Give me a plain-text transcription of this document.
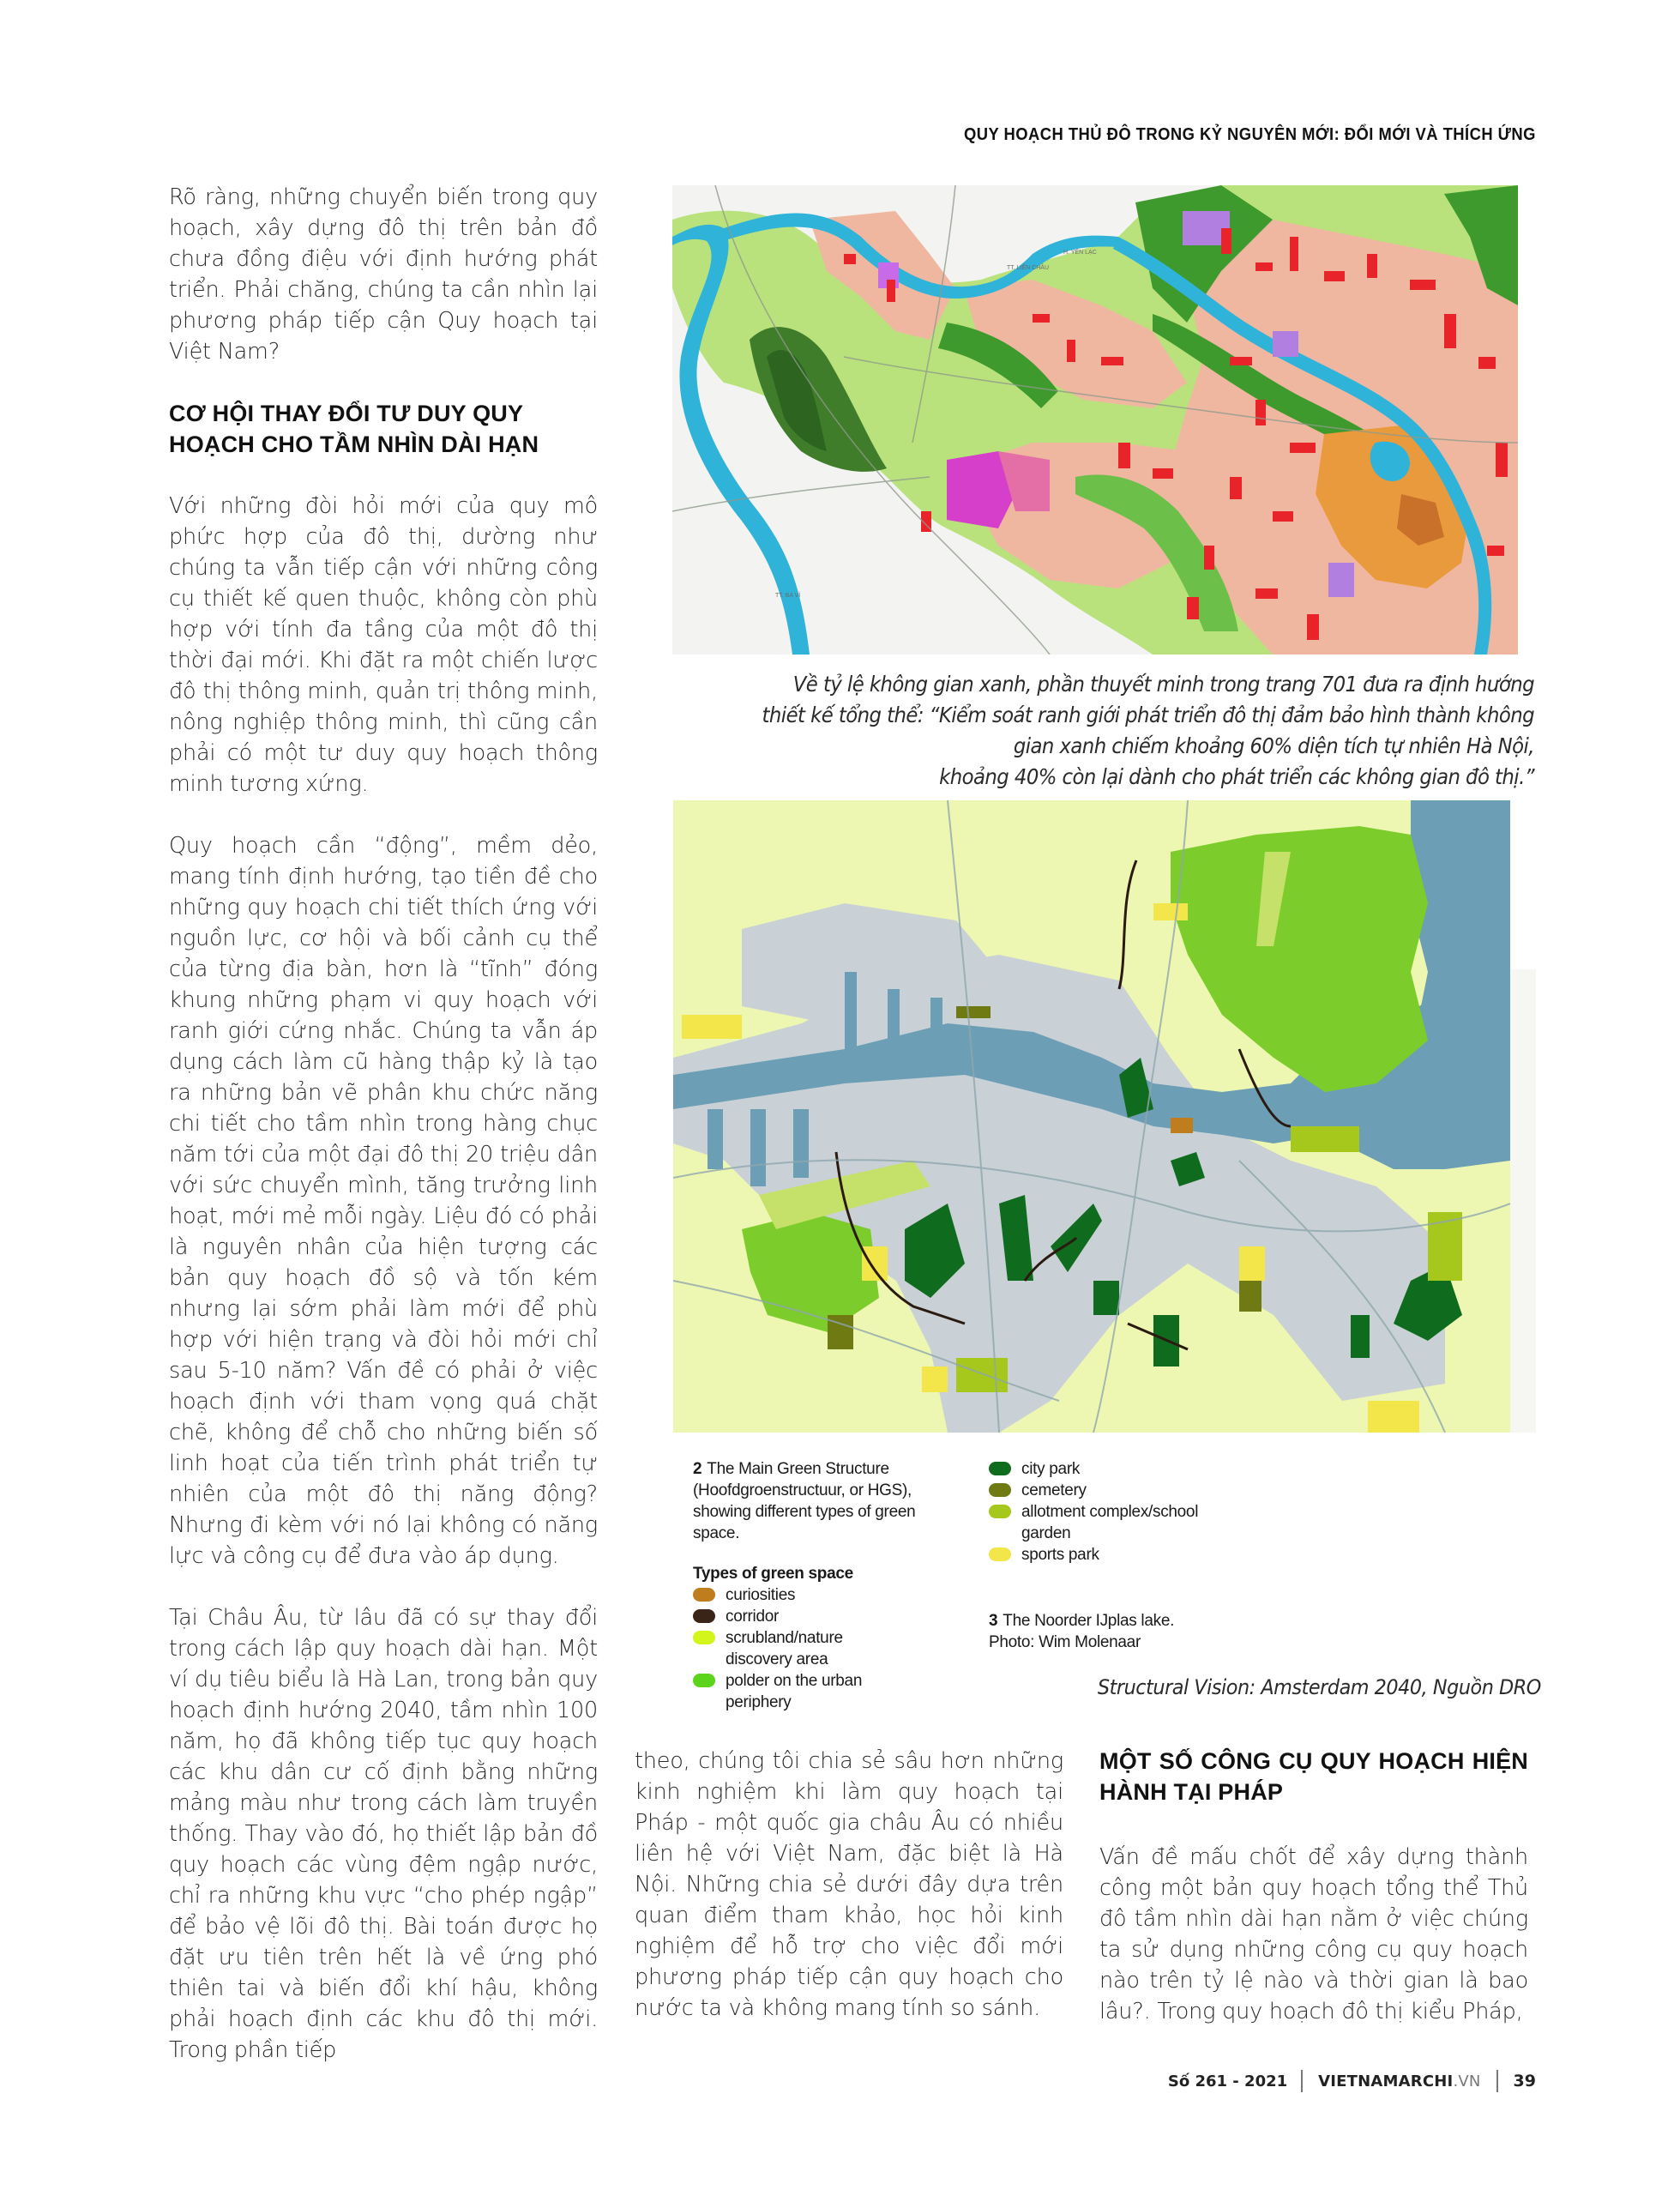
QUY HOẠCH THỦ ĐÔ TRONG KỶ NGUYÊN MỚI: ĐỔI MỚI VÀ THÍCH ỨNG

Rõ ràng, những chuyển biến trong quy hoạch, xây dựng đô thị trên bản đồ chưa đồng điệu với định hướng phát triển. Phải chăng, chúng ta cần nhìn lại phương pháp tiếp cận Quy hoạch tại Việt Nam?

CƠ HỘI THAY ĐỔI TƯ DUY QUY HOẠCH CHO TẦM NHÌN DÀI HẠN

Với những đòi hỏi mới của quy mô phức hợp của đô thị, dường như chúng ta vẫn tiếp cận với những công cụ thiết kế quen thuộc, không còn phù hợp với tính đa tầng của một đô thị thời đại mới. Khi đặt ra một chiến lược đô thị thông minh, quản trị thông minh, nông nghiệp thông minh, thì cũng cần phải có một tư duy quy hoạch thông minh tương xứng.

Quy hoạch cần “động”, mềm dẻo, mang tính định hướng, tạo tiền đề cho những quy hoạch chi tiết thích ứng với nguồn lực, cơ hội và bối cảnh cụ thể của từng địa bàn, hơn là “tĩnh” đóng khung những phạm vi quy hoạch với ranh giới cứng nhắc. Chúng ta vẫn áp dụng cách làm cũ hàng thập kỷ là tạo ra những bản vẽ phân khu chức năng chi tiết cho tầm nhìn trong hàng chục năm tới của một đại đô thị 20 triệu dân với sức chuyển mình, tăng trưởng linh hoạt, mới mẻ mỗi ngày. Liệu đó có phải là nguyên nhân của hiện tượng các bản quy hoạch đồ sộ và tốn kém nhưng lại sớm phải làm mới để phù hợp với hiện trạng và đòi hỏi mới chỉ sau 5-10 năm? Vấn đề có phải ở việc hoạch định với tham vọng quá chặt chẽ, không để chỗ cho những biến số linh hoạt của tiến trình phát triển tự nhiên của một đô thị năng động? Nhưng đi kèm với nó lại không có năng lực và công cụ để đưa vào áp dụng.

Tại Châu Âu, từ lâu đã có sự thay đổi trong cách lập quy hoạch dài hạn. Một ví dụ tiêu biểu là Hà Lan, trong bản quy hoạch định hướng 2040, tầm nhìn 100 năm, họ đã không tiếp tục quy hoạch các khu dân cư cố định bằng những mảng màu như trong cách làm truyền thống. Thay vào đó, họ thiết lập bản đồ quy hoạch các vùng đệm ngập nước, chỉ ra những khu vực “cho phép ngập” để bảo vệ lõi đô thị. Bài toán được họ đặt ưu tiên trên hết là về ứng phó thiên tai và biến đổi khí hậu, không phải hoạch định các khu đô thị mới. Trong phần tiếp

H. YÊN LẠC
TT. LIÊN CHÂU
TT. BA VÌ
Về tỷ lệ không gian xanh, phần thuyết minh trong trang 701 đưa ra định hướng
thiết kế tổng thể: “Kiểm soát ranh giới phát triển đô thị đảm bảo hình thành không
gian xanh chiếm khoảng 60% diện tích tự nhiên Hà Nội,
khoảng 40% còn lại dành cho phát triển các không gian đô thị.”

2 The Main Green Structure (Hoofdgroenstructuur, or HGS), showing different types of green space.

Types of green space

curiosities
corridor
scrubland/nature discovery area
polder on the urban periphery
city park
cemetery
allotment complex/school garden
sports park
3 The Noorder IJplas lake.
Photo: Wim Molenaar
Structural Vision: Amsterdam 2040, Nguồn DRO

theo, chúng tôi chia sẻ sâu hơn những kinh nghiệm khi làm quy hoạch tại Pháp - một quốc gia châu Âu có nhiều liên hệ với Việt Nam, đặc biệt là Hà Nội. Những chia sẻ dưới đây dựa trên quan điểm tham khảo, học hỏi kinh nghiệm để hỗ trợ cho việc đổi mới phương pháp tiếp cận quy hoạch cho nước ta và không mang tính so sánh.

MỘT SỐ CÔNG CỤ QUY HOẠCH HIỆN HÀNH TẠI PHÁP

Vấn đề mấu chốt để xây dựng thành công một bản quy hoạch tổng thể Thủ đô tầm nhìn dài hạn nằm ở việc chúng ta sử dụng những công cụ quy hoạch nào trên tỷ lệ nào và thời gian là bao lâu?. Trong quy hoạch đô thị kiểu Pháp,

Số 261 - 2021	VIETNAMARCHI.VN	39
